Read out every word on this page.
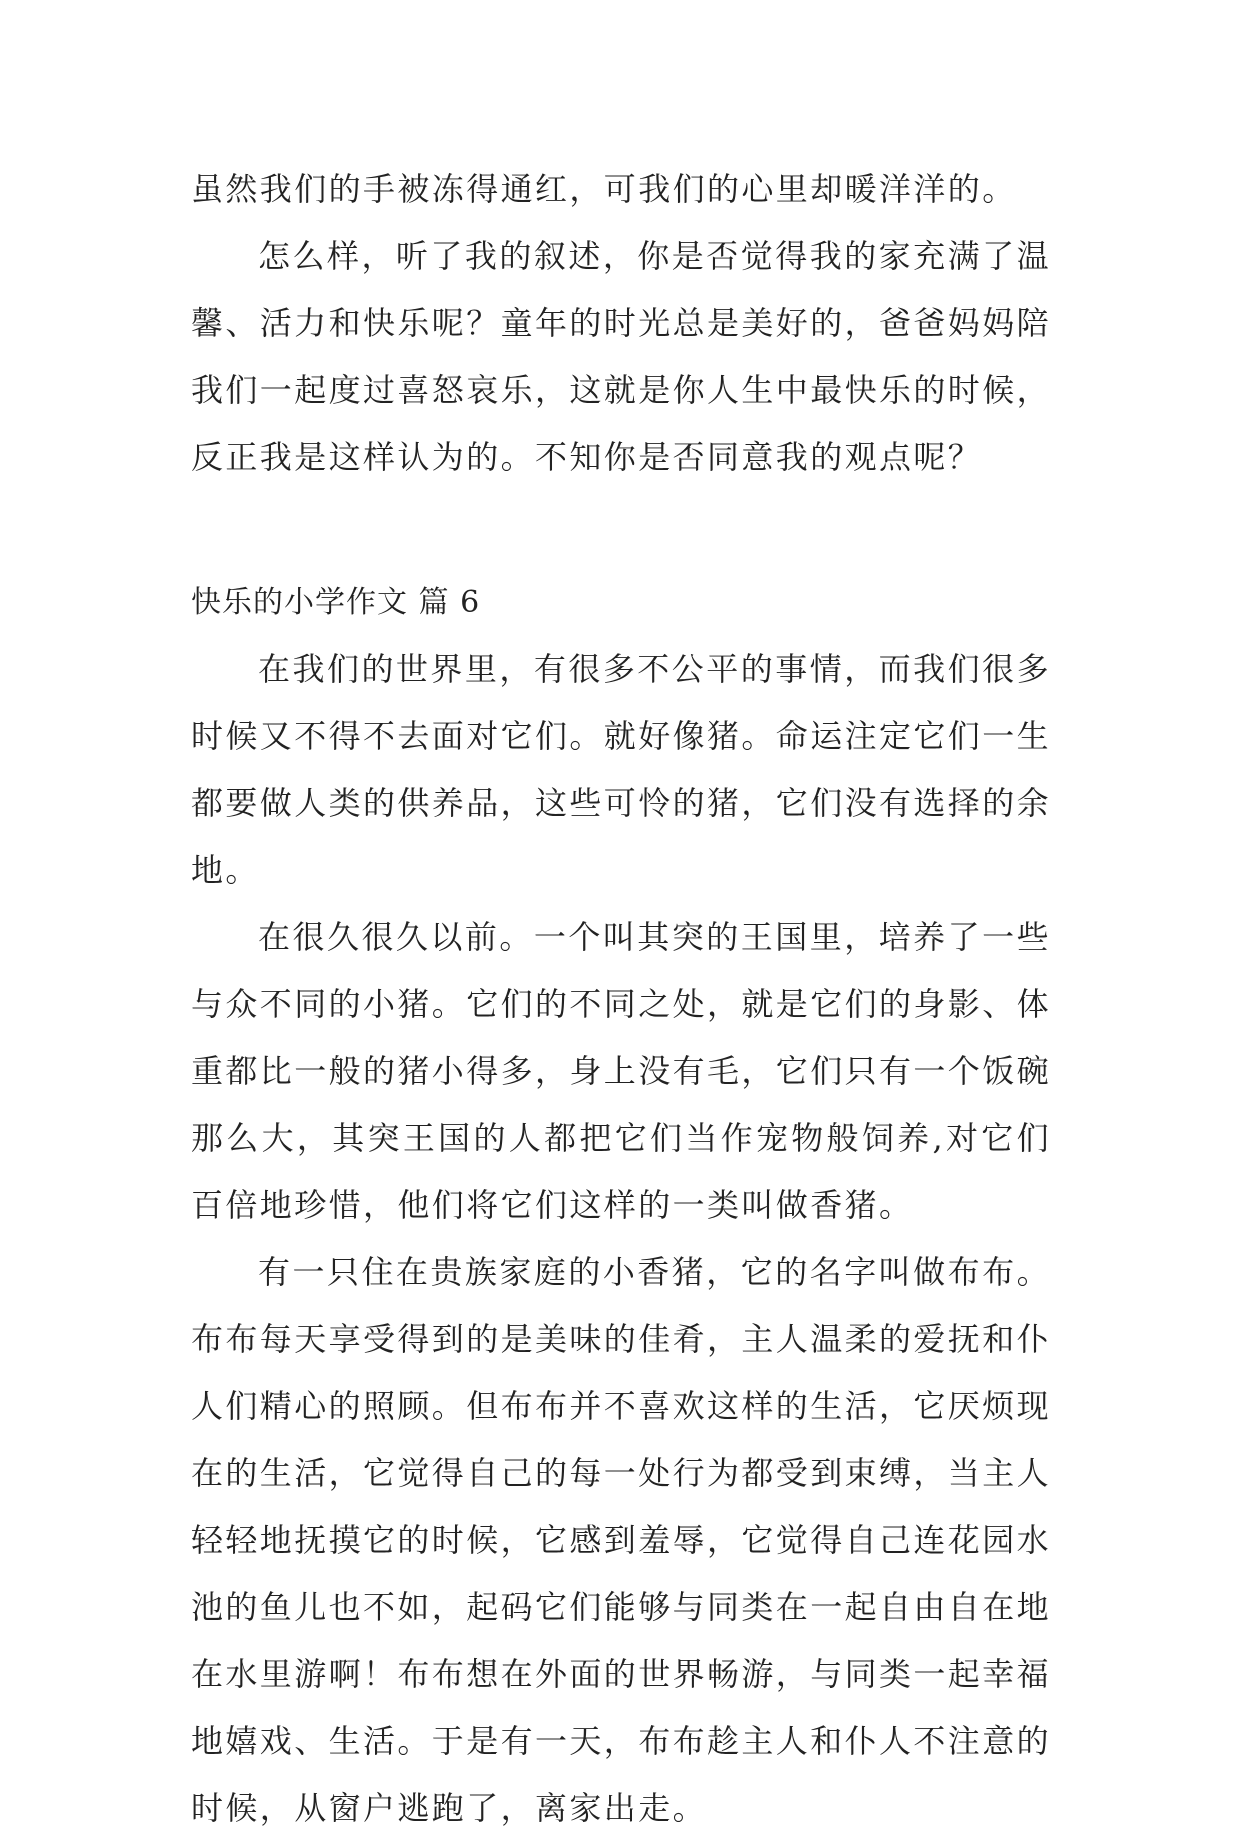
虽然我们的手被冻得通红，可我们的心里却暖洋洋的。

怎么样，听了我的叙述，你是否觉得我的家充满了温馨、活力和快乐呢？童年的时光总是美好的，爸爸妈妈陪我们一起度过喜怒哀乐，这就是你人生中最快乐的时候，反正我是这样认为的。不知你是否同意我的观点呢？

快乐的小学作文 篇 6

在我们的世界里，有很多不公平的事情，而我们很多时候又不得不去面对它们。就好像猪。命运注定它们一生都要做人类的供养品，这些可怜的猪，它们没有选择的余地。

在很久很久以前。一个叫其突的王国里，培养了一些与众不同的小猪。它们的不同之处，就是它们的身影、体重都比一般的猪小得多，身上没有毛，它们只有一个饭碗那么大，其突王国的人都把它们当作宠物般饲养,对它们百倍地珍惜，他们将它们这样的一类叫做香猪。

有一只住在贵族家庭的小香猪，它的名字叫做布布。布布每天享受得到的是美味的佳肴，主人温柔的爱抚和仆人们精心的照顾。但布布并不喜欢这样的生活，它厌烦现在的生活，它觉得自己的每一处行为都受到束缚，当主人轻轻地抚摸它的时候，它感到羞辱，它觉得自己连花园水池的鱼儿也不如，起码它们能够与同类在一起自由自在地在水里游啊！布布想在外面的世界畅游，与同类一起幸福地嬉戏、生活。于是有一天，布布趁主人和仆人不注意的时候，从窗户逃跑了，离家出走。
